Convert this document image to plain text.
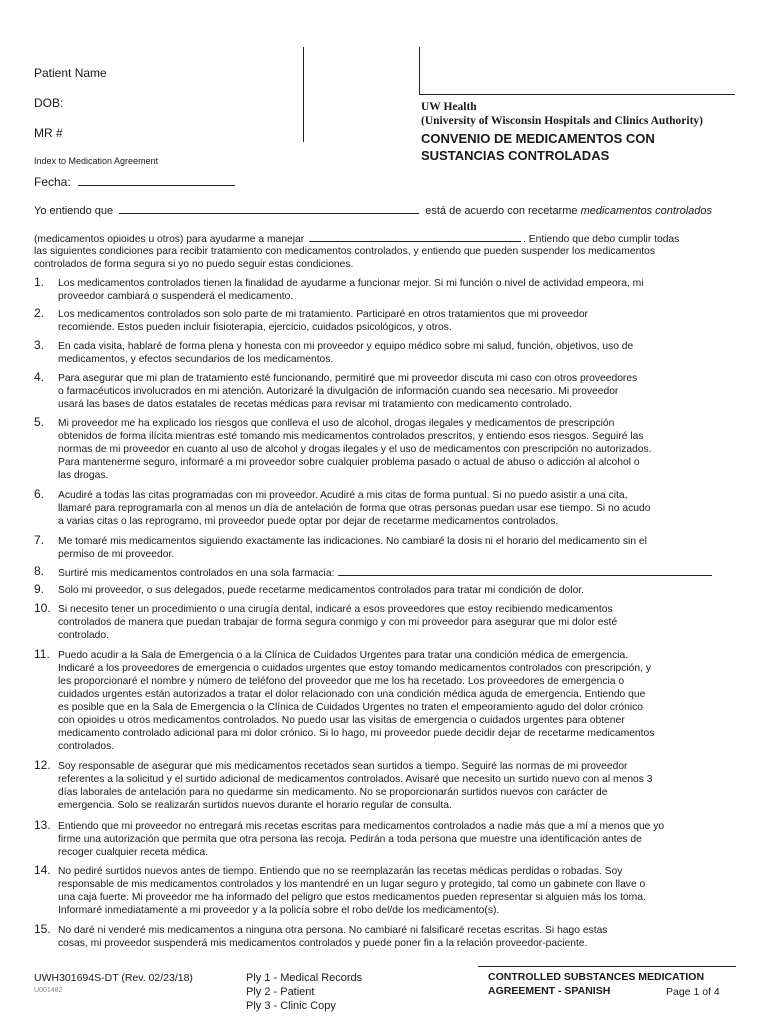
Patient Name
DOB:
MR #
Index to Medication Agreement
UW Health
(University of Wisconsin Hospitals and Clinics Authority)
CONVENIO DE MEDICAMENTOS CON
SUSTANCIAS CONTROLADAS
Fecha:
Yo entiendo que	está de acuerdo con recetarme medicamentos controlados
(medicamentos opioides u otros) para ayudarme a manejar	. Entiendo que debo cumplir todas
las siguientes condiciones para recibir tratamiento con medicamentos controlados, y entiendo que pueden suspender los medicamentos
controlados de forma segura si yo no puedo seguir estas condiciones.
1. Los medicamentos controlados tienen la finalidad de ayudarme a funcionar mejor. Si mi función o nivel de actividad empeora, mi
proveedor cambiará o suspenderá el medicamento.
2. Los medicamentos controlados son solo parte de mi tratamiento. Participaré en otros tratamientos que mi proveedor
recomiende. Estos pueden incluir fisioterapia, ejercicio, cuidados psicológicos, y otros.
3. En cada visita, hablaré de forma plena y honesta con mi proveedor y equipo médico sobre mi salud, función, objetivos, uso de
medicamentos, y efectos secundarios de los medicamentos.
4. Para asegurar que mi plan de tratamiento esté funcionando, permitiré que mi proveedor discuta mi caso con otros proveedores
o farmacéuticos involucrados en mi atención. Autorizaré la divulgación de información cuando sea necesario. Mi proveedor
usará las bases de datos estatales de recetas médicas para revisar mi tratamiento con medicamento controlado.
5. Mi proveedor me ha explicado los riesgos que conlleva el uso de alcohol, drogas ilegales y medicamentos de prescripción
obtenidos de forma ilícita mientras esté tomando mis medicamentos controlados prescritos, y entiendo esos riesgos. Seguiré las
normas de mi proveedor en cuanto al uso de alcohol y drogas ilegales y el uso de medicamentos con prescripción no autorizados.
Para mantenerme seguro, informaré a mi proveedor sobre cualquier problema pasado o actual de abuso o adicción al alcohol o
las drogas.
6. Acudiré a todas las citas programadas con mi proveedor. Acudiré a mis citas de forma puntual. Si no puedo asistir a una cita,
llamaré para reprogramarla con al menos un día de antelación de forma que otras personas puedan usar ese tiempo. Si no acudo
a varias citas o las reprogramo, mi proveedor puede optar por dejar de recetarme medicamentos controlados.
7. Me tomaré mis medicamentos siguiendo exactamente las indicaciones. No cambiaré la dosis ni el horario del medicamento sin el
permiso de mi proveedor.
8. Surtiré mis medicamentos controlados en una sola farmacia:
9. Solo mi proveedor, o sus delegados, puede recetarme medicamentos controlados para tratar mi condición de dolor.
10. Si necesito tener un procedimiento o una cirugía dental, indicaré a esos proveedores que estoy recibiendo medicamentos
controlados de manera que puedan trabajar de forma segura conmigo y con mi proveedor para asegurar que mi dolor esté
controlado.
11. Puedo acudir a la Sala de Emergencia o a la Clínica de Cuidados Urgentes para tratar una condición médica de emergencia.
Indicaré a los proveedores de emergencia o cuidados urgentes que estoy tomando medicamentos controlados con prescripción, y
les proporcionaré el nombre y número de teléfono del proveedor que me los ha recetado. Los proveedores de emergencia o
cuidados urgentes están autorizados a tratar el dolor relacionado con una condición médica aguda de emergencia. Entiendo que
es posible que en la Sala de Emergencia o la Clínica de Cuidados Urgentes no traten el empeoramiento agudo del dolor crónico
con opioides u otros medicamentos controlados. No puedo usar las visitas de emergencia o cuidados urgentes para obtener
medicamento controlado adicional para mi dolor crónico. Si lo hago, mi proveedor puede decidir dejar de recetarme medicamentos
controlados.
12. Soy responsable de asegurar que mis medicamentos recetados sean surtidos a tiempo. Seguiré las normas de mi proveedor
referentes a la solicitud y el surtido adicional de medicamentos controlados. Avisaré que necesito un surtido nuevo con al menos 3
días laborales de antelación para no quedarme sin medicamento. No se proporcionarán surtidos nuevos con carácter de
emergencia. Solo se realizarán surtidos nuevos durante el horario regular de consulta.
13. Entiendo que mi proveedor no entregará mis recetas escritas para medicamentos controlados a nadie más que a mí a menos que yo
firme una autorización que permita que otra persona las recoja. Pedirán a toda persona que muestre una identificación antes de
recoger cualquier receta médica.
14. No pediré surtidos nuevos antes de tiempo. Entiendo que no se reemplazarán las recetas médicas perdidas o robadas. Soy
responsable de mis medicamentos controlados y los mantendré en un lugar seguro y protegido, tal como un gabinete con llave o
una caja fuerte. Mi proveedor me ha informado del peligro que estos medicamentos pueden representar si alguien más los toma.
Informaré inmediatamente a mi proveedor y a la policía sobre el robo del/de los medicamento(s).
15. No daré ni venderé mis medicamentos a ninguna otra persona. No cambiaré ni falsificaré recetas escritas. Si hago estas
cosas, mi proveedor suspenderá mis medicamentos controlados y puede poner fin a la relación proveedor-paciente.
UWH301694S-DT (Rev. 02/23/18)
U001482
Ply 1 - Medical Records
Ply 2 - Patient
Ply 3 - Clinic Copy
CONTROLLED SUBSTANCES MEDICATION
AGREEMENT - SPANISH	Page 1 of 4
